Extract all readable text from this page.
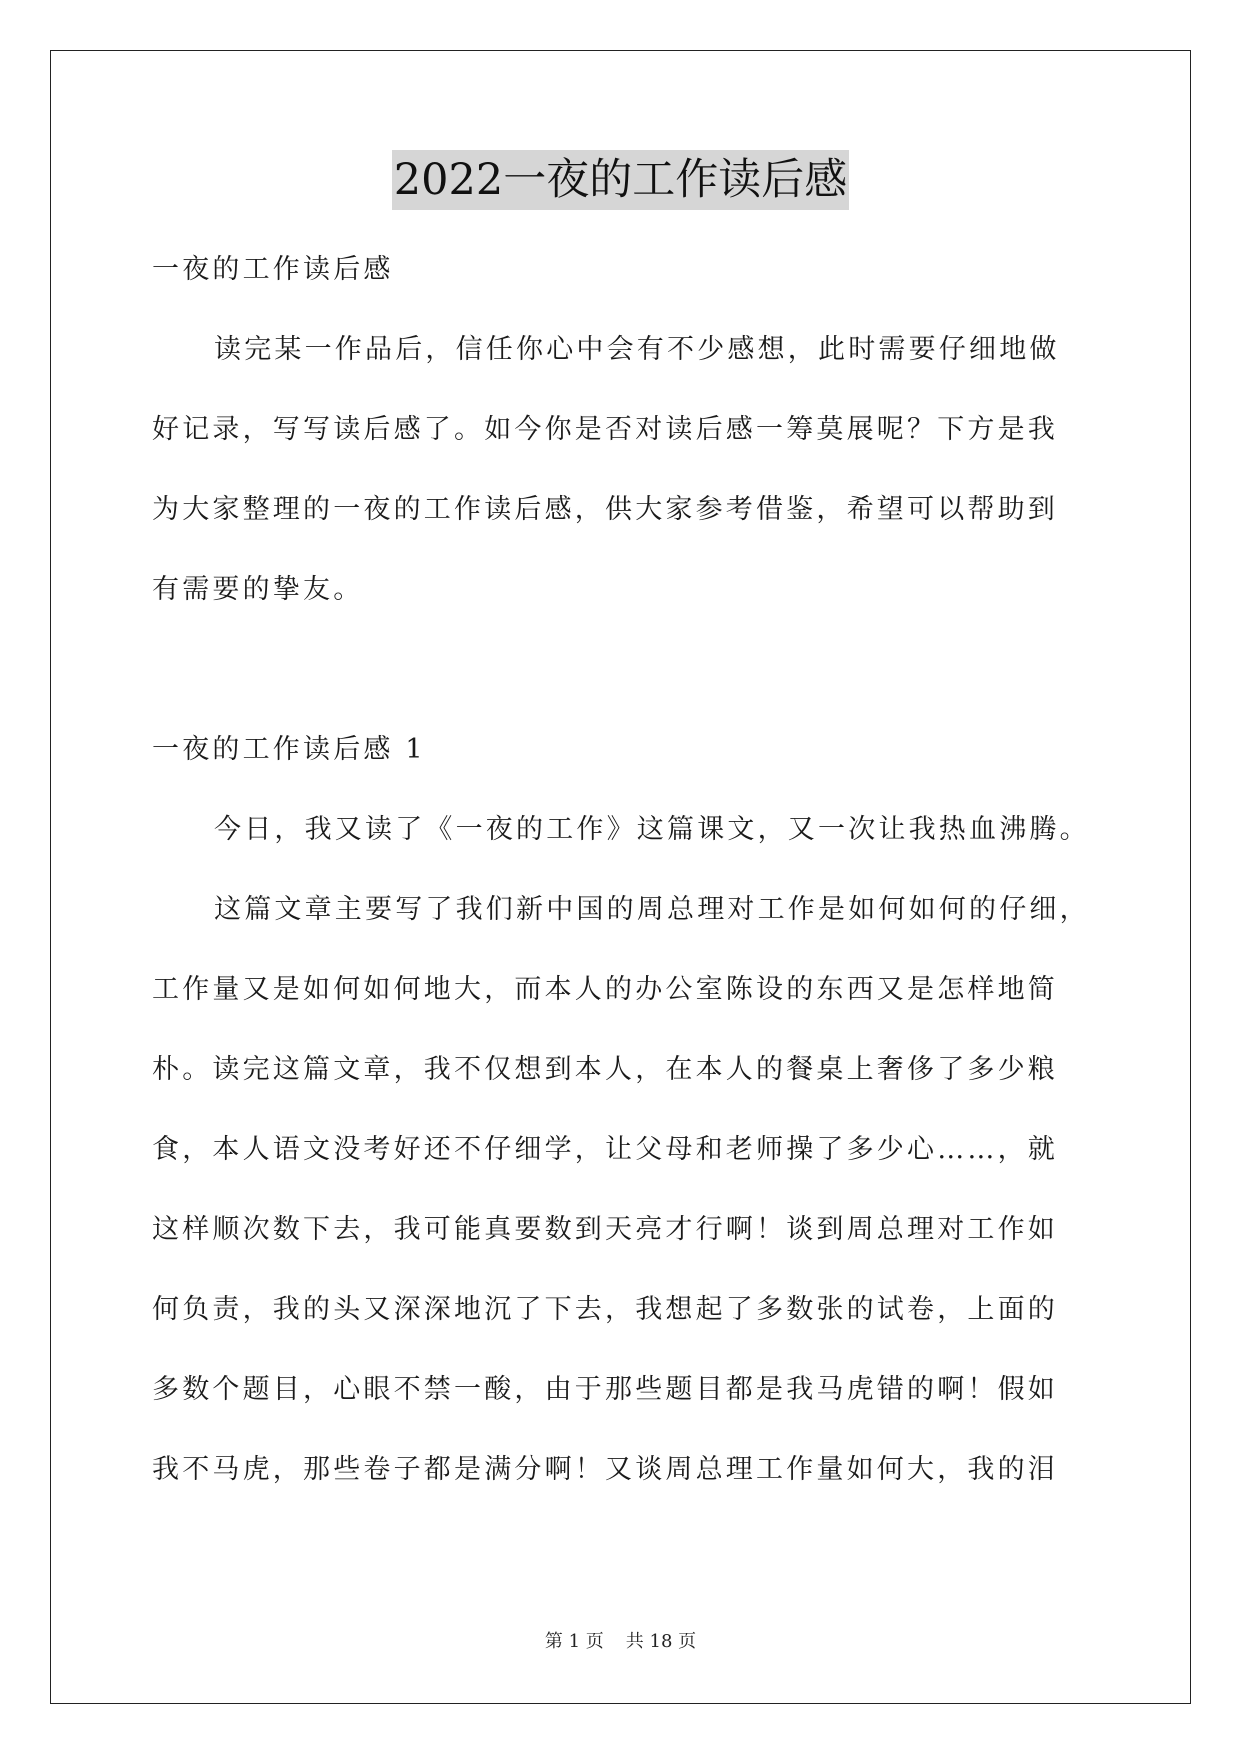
2022一夜的工作读后感
一夜的工作读后感
读完某一作品后，信任你心中会有不少感想，此时需要仔细地做
好记录，写写读后感了。如今你是否对读后感一筹莫展呢？下方是我
为大家整理的一夜的工作读后感，供大家参考借鉴，希望可以帮助到
有需要的挚友。
一夜的工作读后感 1
今日，我又读了《一夜的工作》这篇课文，又一次让我热血沸腾。
这篇文章主要写了我们新中国的周总理对工作是如何如何的仔细，
工作量又是如何如何地大，而本人的办公室陈设的东西又是怎样地简
朴。读完这篇文章，我不仅想到本人，在本人的餐桌上奢侈了多少粮
食，本人语文没考好还不仔细学，让父母和老师操了多少心……，就
这样顺次数下去，我可能真要数到天亮才行啊！谈到周总理对工作如
何负责，我的头又深深地沉了下去，我想起了多数张的试卷，上面的
多数个题目，心眼不禁一酸，由于那些题目都是我马虎错的啊！假如
我不马虎，那些卷子都是满分啊！又谈周总理工作量如何大，我的泪
第 1 页 共 18 页
